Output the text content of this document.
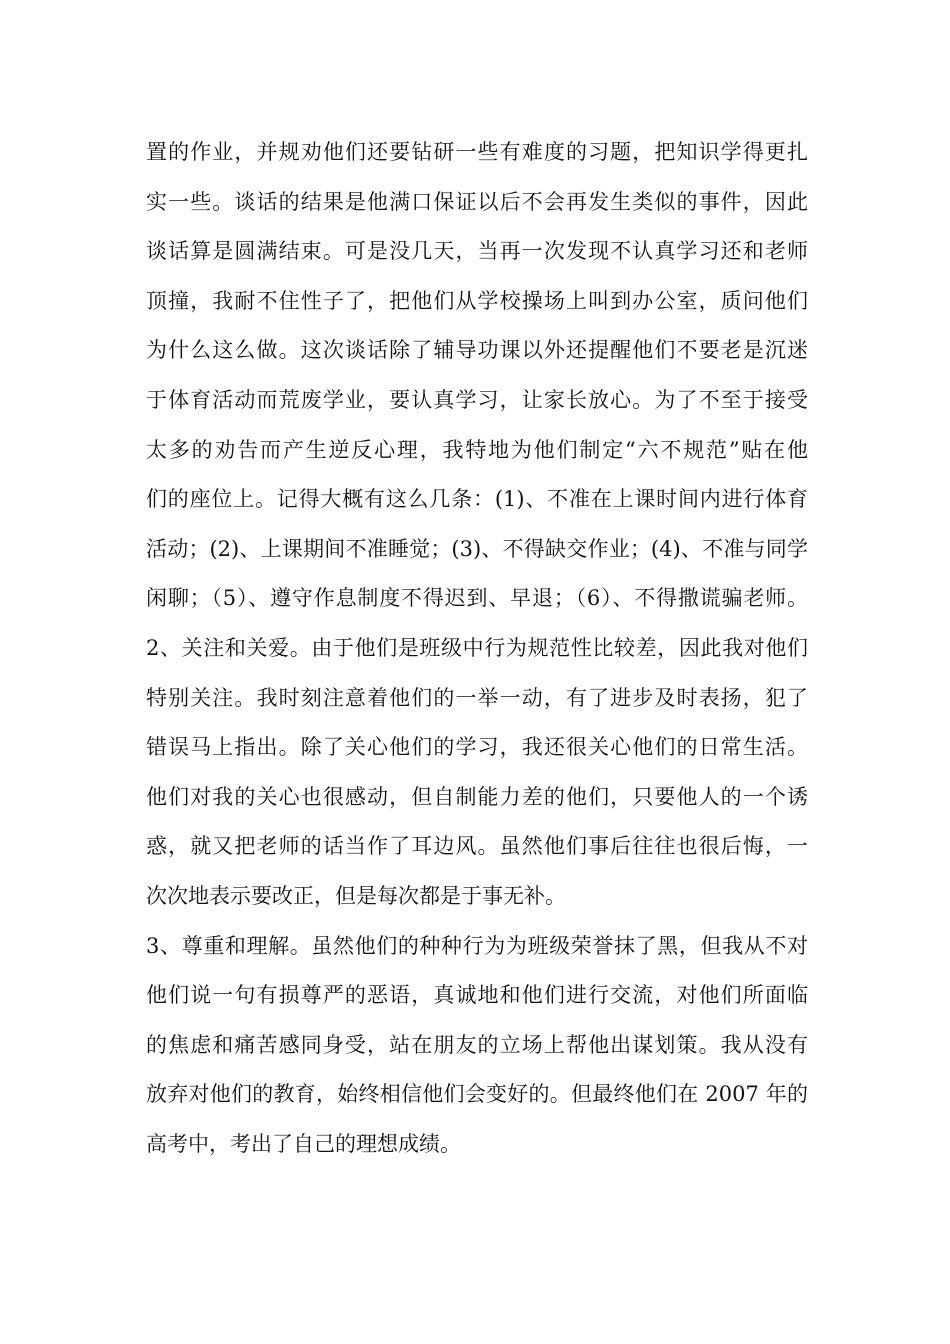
置的作业，并规劝他们还要钻研一些有难度的习题，把知识学得更扎
实一些。谈话的结果是他满口保证以后不会再发生类似的事件，因此
谈话算是圆满结束。可是没几天，当再一次发现不认真学习还和老师
顶撞，我耐不住性子了，把他们从学校操场上叫到办公室，质问他们
为什么这么做。这次谈话除了辅导功课以外还提醒他们不要老是沉迷
于体育活动而荒废学业，要认真学习，让家长放心。为了不至于接受
太多的劝告而产生逆反心理，我特地为他们制定“六不规范”贴在他
们的座位上。记得大概有这么几条：(1)、不准在上课时间内进行体育
活动；(2)、上课期间不准睡觉；(3)、不得缺交作业；(4)、不准与同学
闲聊；（5）、遵守作息制度不得迟到、早退；（6）、不得撒谎骗老师。
2、关注和关爱。由于他们是班级中行为规范性比较差，因此我对他们
特别关注。我时刻注意着他们的一举一动，有了进步及时表扬，犯了
错误马上指出。除了关心他们的学习，我还很关心他们的日常生活。
他们对我的关心也很感动，但自制能力差的他们，只要他人的一个诱
惑，就又把老师的话当作了耳边风。虽然他们事后往往也很后悔，一
次次地表示要改正，但是每次都是于事无补。
3、尊重和理解。虽然他们的种种行为为班级荣誉抹了黑，但我从不对
他们说一句有损尊严的恶语，真诚地和他们进行交流，对他们所面临
的焦虑和痛苦感同身受，站在朋友的立场上帮他出谋划策。我从没有
放弃对他们的教育，始终相信他们会变好的。但最终他们在 2007 年的
高考中，考出了自己的理想成绩。
